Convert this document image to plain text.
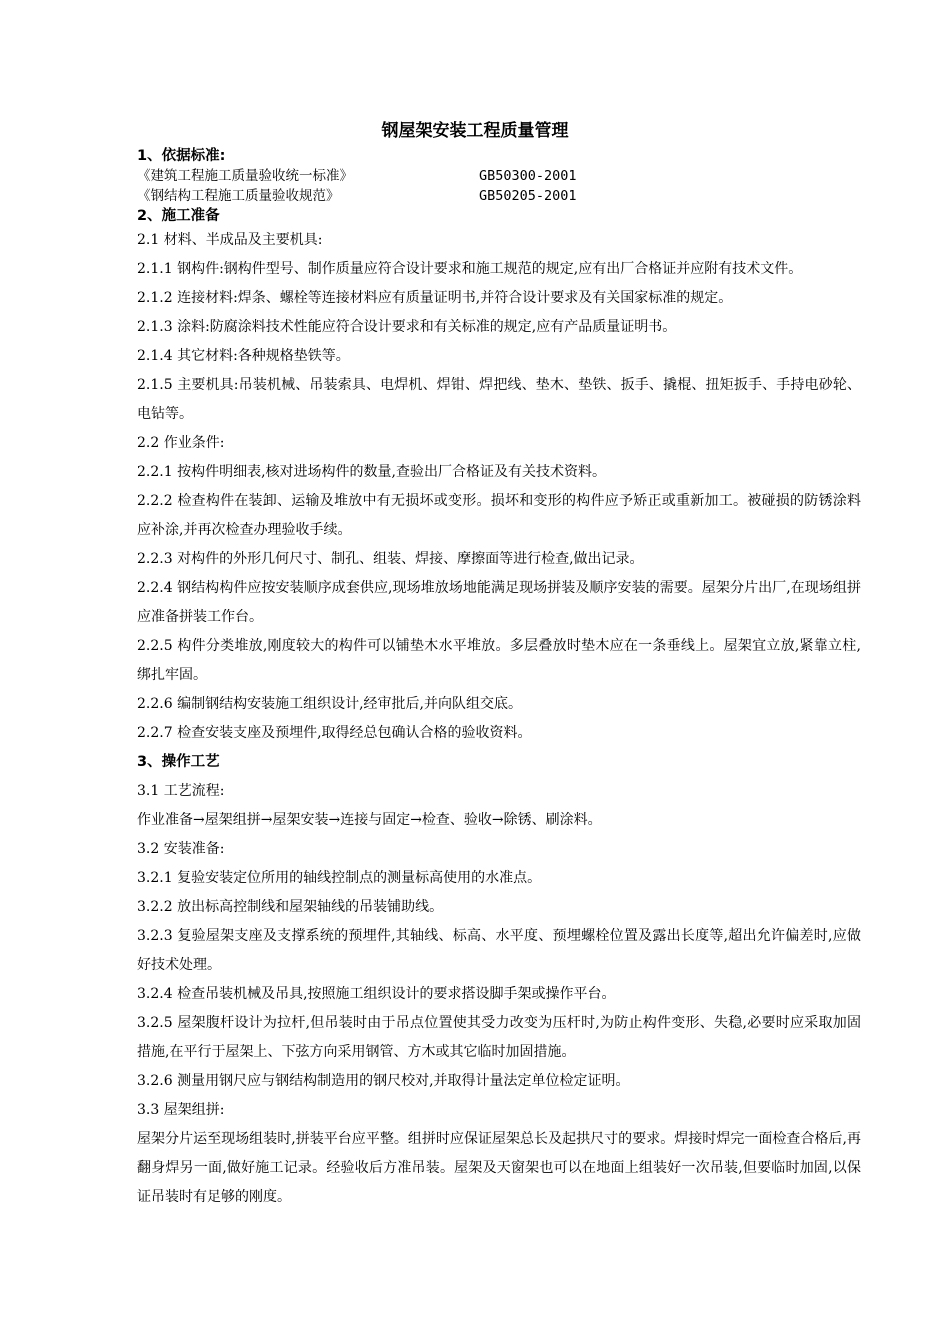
钢屋架安装工程质量管理
1、依据标准:
《建筑工程施工质量验收统一标准》	GB50300-2001
《钢结构工程施工质量验收规范》	GB50205-2001
2、施工准备

2.1 材料、半成品及主要机具:

2.1.1 钢构件:钢构件型号、制作质量应符合设计要求和施工规范的规定,应有出厂合格证并应附有技术文件。

2.1.2 连接材料:焊条、螺栓等连接材料应有质量证明书,并符合设计要求及有关国家标准的规定。

2.1.3 涂料:防腐涂料技术性能应符合设计要求和有关标准的规定,应有产品质量证明书。

2.1.4 其它材料:各种规格垫铁等。

2.1.5 主要机具:吊装机械、吊装索具、电焊机、焊钳、焊把线、垫木、垫铁、扳手、撬棍、扭矩扳手、手持电砂轮、电钻等。

2.2 作业条件:

2.2.1 按构件明细表,核对进场构件的数量,查验出厂合格证及有关技术资料。

2.2.2 检查构件在装卸、运输及堆放中有无损坏或变形。损坏和变形的构件应予矫正或重新加工。被碰损的防锈涂料应补涂,并再次检查办理验收手续。

2.2.3 对构件的外形几何尺寸、制孔、组装、焊接、摩擦面等进行检查,做出记录。

2.2.4 钢结构构件应按安装顺序成套供应,现场堆放场地能满足现场拼装及顺序安装的需要。屋架分片出厂,在现场组拼应准备拼装工作台。

2.2.5 构件分类堆放,刚度较大的构件可以铺垫木水平堆放。多层叠放时垫木应在一条垂线上。屋架宜立放,紧靠立柱,绑扎牢固。

2.2.6 编制钢结构安装施工组织设计,经审批后,并向队组交底。

2.2.7 检查安装支座及预埋件,取得经总包确认合格的验收资料。

3、操作工艺

3.1 工艺流程:

作业准备→屋架组拼→屋架安装→连接与固定→检查、验收→除锈、刷涂料。

3.2 安装准备:

3.2.1 复验安装定位所用的轴线控制点的测量标高使用的水准点。

3.2.2 放出标高控制线和屋架轴线的吊装铺助线。

3.2.3 复验屋架支座及支撑系统的预埋件,其轴线、标高、水平度、预埋螺栓位置及露出长度等,超出允许偏差时,应做好技术处理。

3.2.4 检查吊装机械及吊具,按照施工组织设计的要求搭设脚手架或操作平台。

3.2.5 屋架腹杆设计为拉杆,但吊装时由于吊点位置使其受力改变为压杆时,为防止构件变形、失稳,必要时应采取加固措施,在平行于屋架上、下弦方向采用钢管、方木或其它临时加固措施。

3.2.6 测量用钢尺应与钢结构制造用的钢尺校对,并取得计量法定单位检定证明。

3.3 屋架组拼:

屋架分片运至现场组装时,拼装平台应平整。组拼时应保证屋架总长及起拱尺寸的要求。焊接时焊完一面检查合格后,再翻身焊另一面,做好施工记录。经验收后方准吊装。屋架及天窗架也可以在地面上组装好一次吊装,但要临时加固,以保证吊装时有足够的刚度。
